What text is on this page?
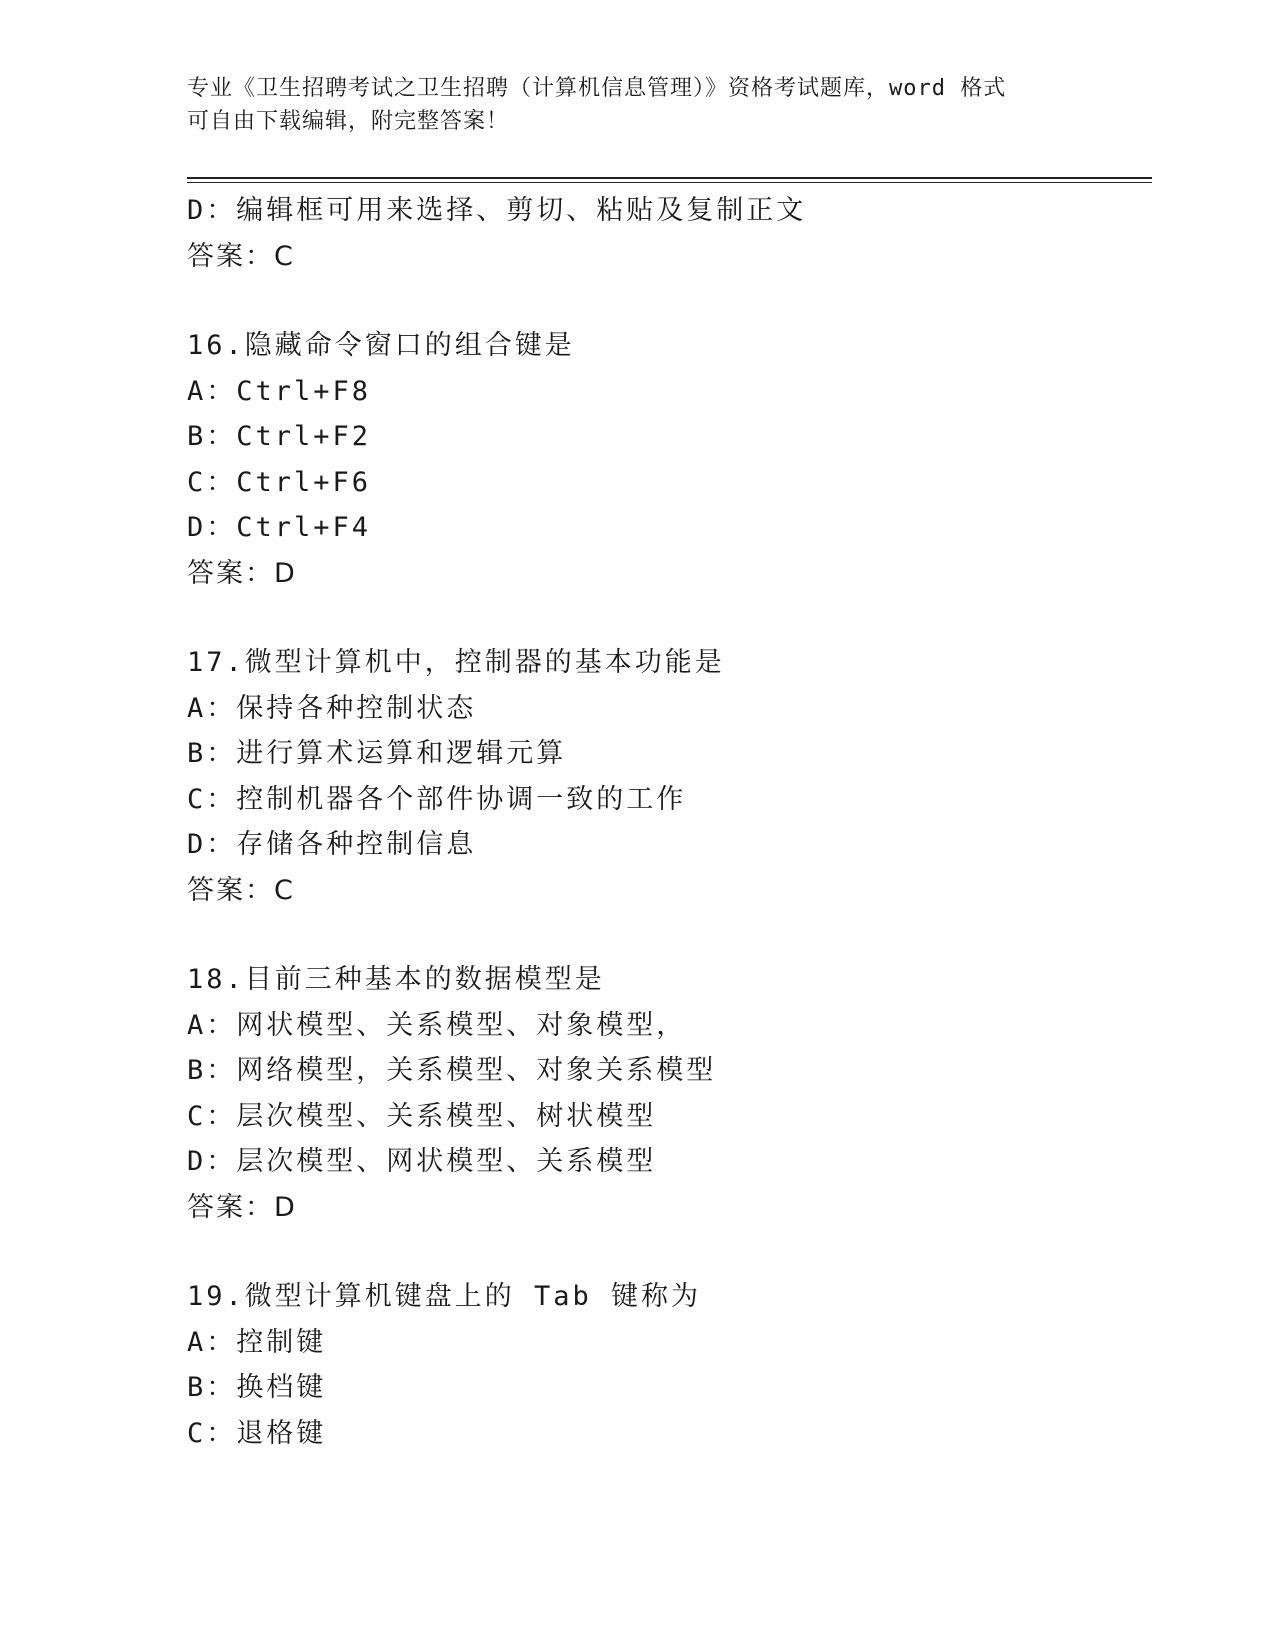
专业《卫生招聘考试之卫生招聘（计算机信息管理）》资格考试题库，word 格式
可自由下载编辑，附完整答案！
D：编辑框可用来选择、剪切、粘贴及复制正文
答案：C
16.隐藏命令窗口的组合键是
A：Ctrl+F8
B：Ctrl+F2
C：Ctrl+F6
D：Ctrl+F4
答案：D
17.微型计算机中，控制器的基本功能是
A：保持各种控制状态
B：进行算术运算和逻辑元算
C：控制机器各个部件协调一致的工作
D：存储各种控制信息
答案：C
18.目前三种基本的数据模型是
A：网状模型、关系模型、对象模型，
B：网络模型，关系模型、对象关系模型
C：层次模型、关系模型、树状模型
D：层次模型、网状模型、关系模型
答案：D
19.微型计算机键盘上的 Tab 键称为
A：控制键
B：换档键
C：退格键
